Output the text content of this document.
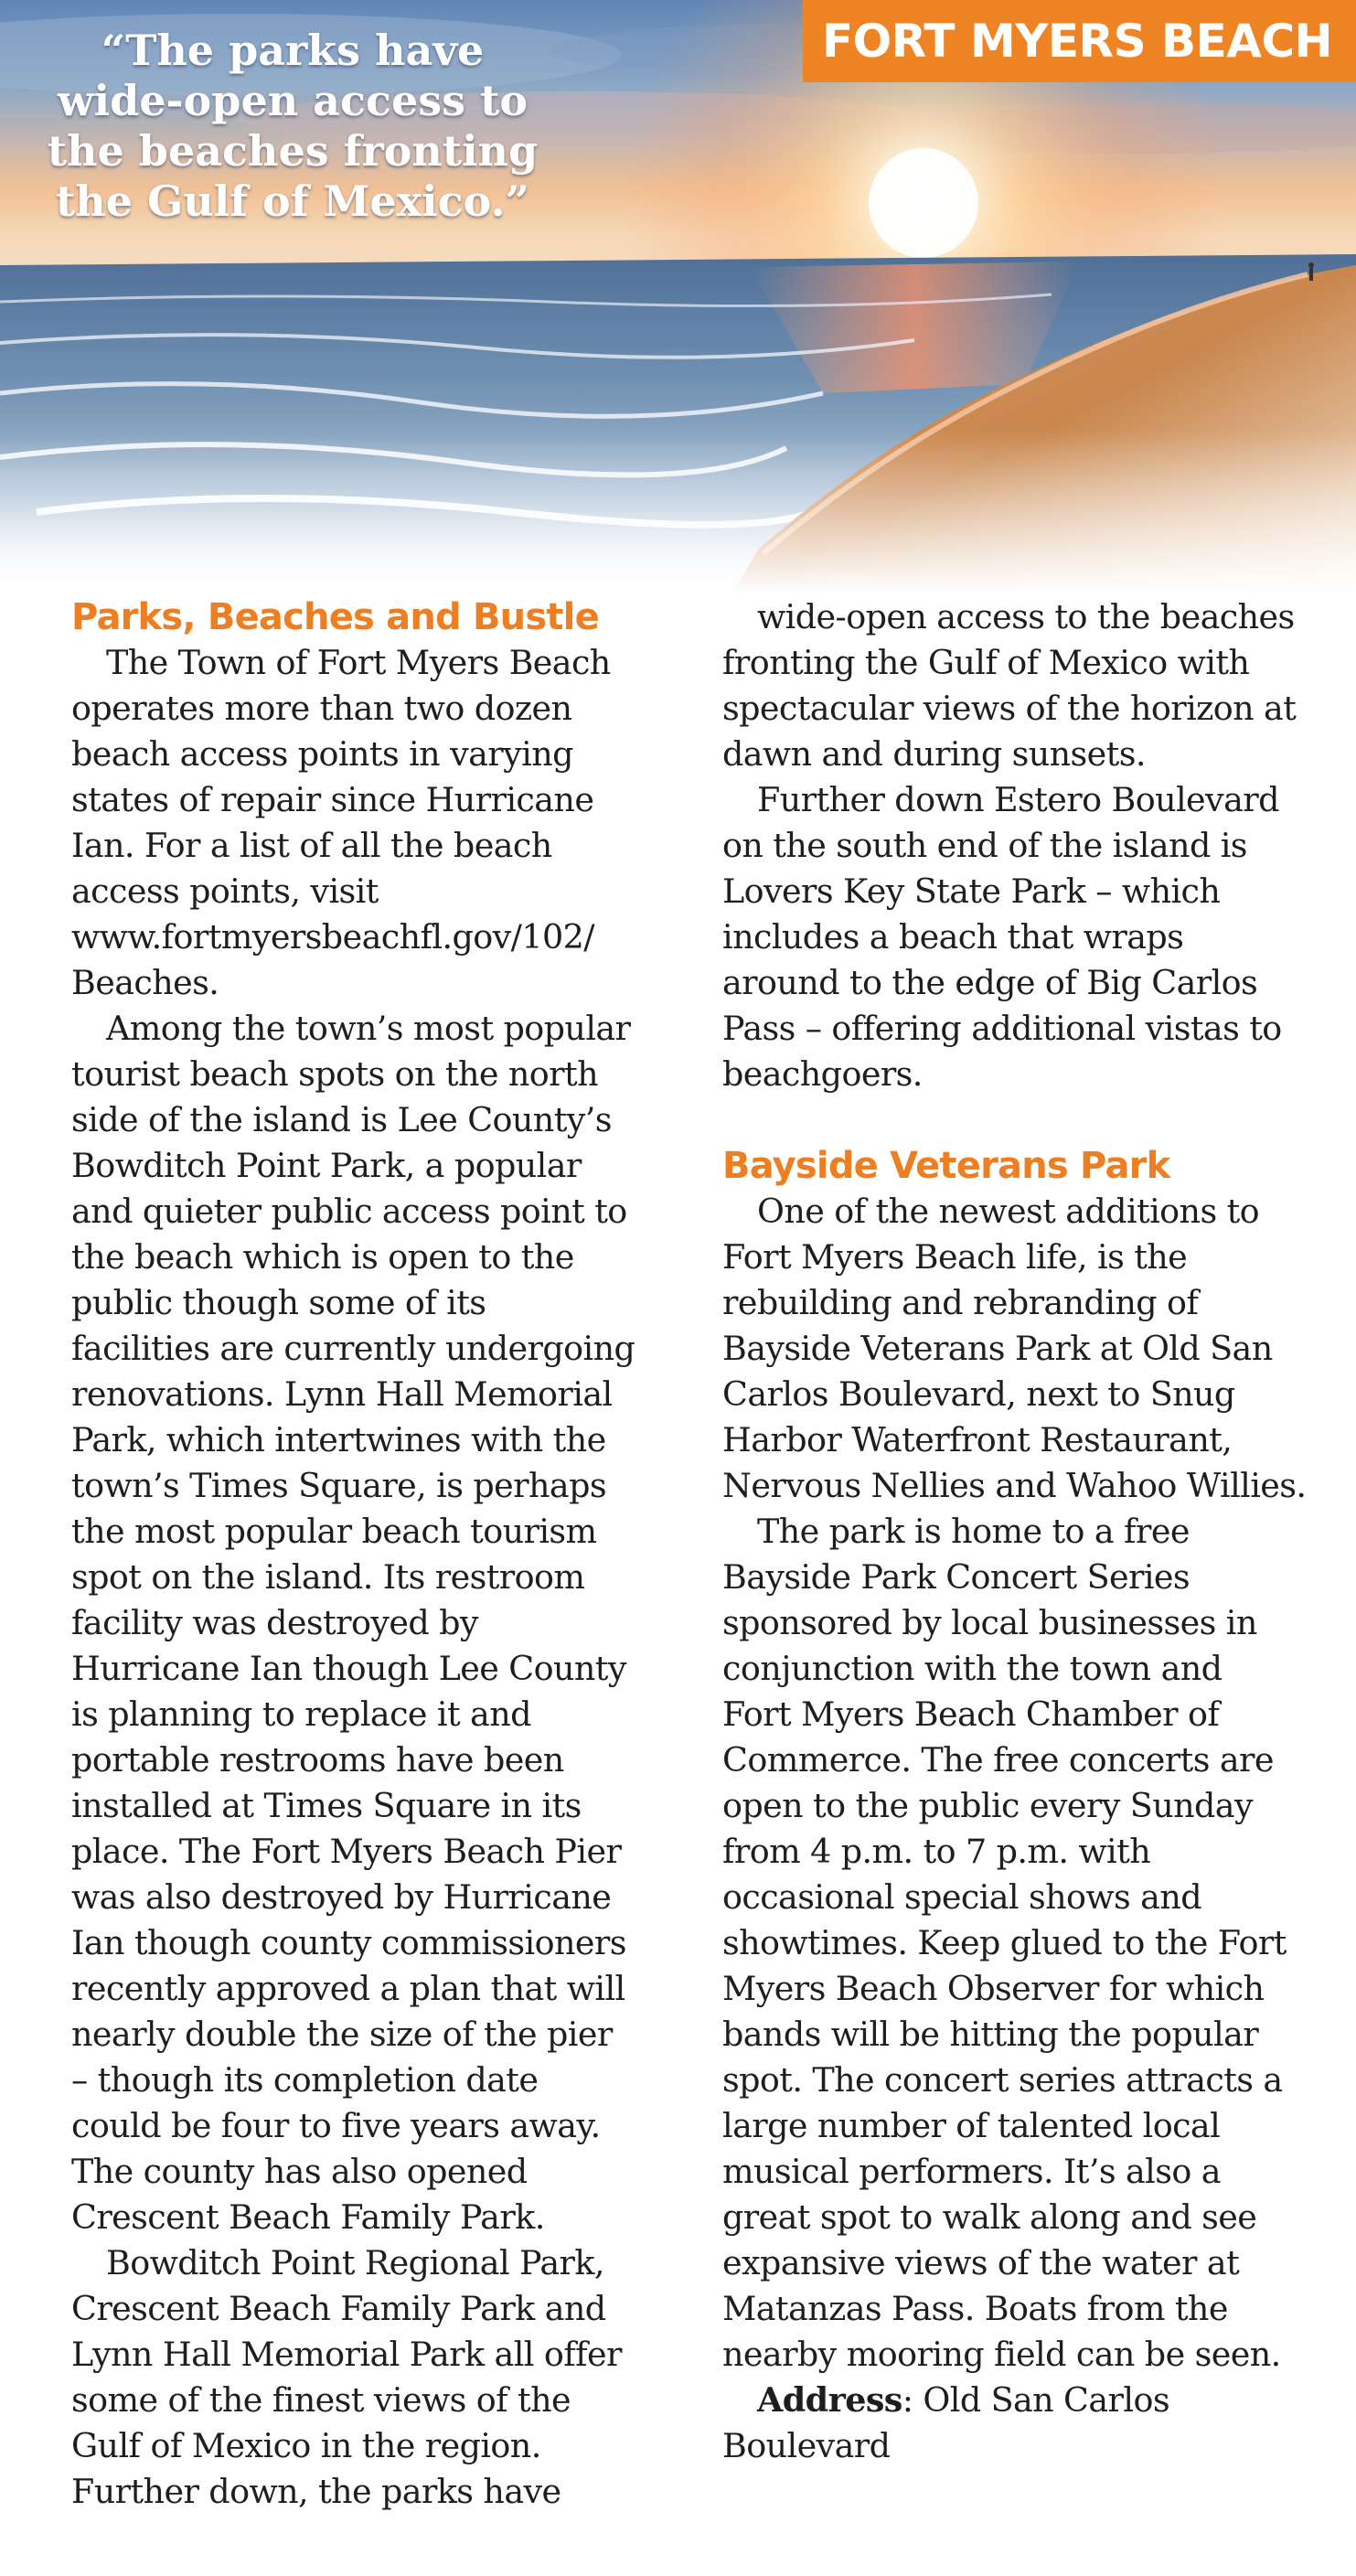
“The parks have
wide-open access to
the beaches fronting
the Gulf of Mexico.”

FORT MYERS BEACH

Parks, Beaches and Bustle

The Town of Fort Myers Beach
operates more than two dozen
beach access points in varying
states of repair since Hurricane
Ian. For a list of all the beach
access points, visit
www.fortmyersbeachfl.gov/102/
Beaches.

Among the town’s most popular
tourist beach spots on the north
side of the island is Lee County’s
Bowditch Point Park, a popular
and quieter public access point to
the beach which is open to the
public though some of its
facilities are currently undergoing
renovations. Lynn Hall Memorial
Park, which intertwines with the
town’s Times Square, is perhaps
the most popular beach tourism
spot on the island. Its restroom
facility was destroyed by
Hurricane Ian though Lee County
is planning to replace it and
portable restrooms have been
installed at Times Square in its
place. The Fort Myers Beach Pier
was also destroyed by Hurricane
Ian though county commissioners
recently approved a plan that will
nearly double the size of the pier
– though its completion date
could be four to five years away.
The county has also opened
Crescent Beach Family Park.

Bowditch Point Regional Park,
Crescent Beach Family Park and
Lynn Hall Memorial Park all offer
some of the finest views of the
Gulf of Mexico in the region.
Further down, the parks have

wide-open access to the beaches
fronting the Gulf of Mexico with
spectacular views of the horizon at
dawn and during sunsets.

Further down Estero Boulevard
on the south end of the island is
Lovers Key State Park – which
includes a beach that wraps
around to the edge of Big Carlos
Pass – offering additional vistas to
beachgoers.

Bayside Veterans Park

One of the newest additions to
Fort Myers Beach life, is the
rebuilding and rebranding of
Bayside Veterans Park at Old San
Carlos Boulevard, next to Snug
Harbor Waterfront Restaurant,
Nervous Nellies and Wahoo Willies.

The park is home to a free
Bayside Park Concert Series
sponsored by local businesses in
conjunction with the town and
Fort Myers Beach Chamber of
Commerce. The free concerts are
open to the public every Sunday
from 4 p.m. to 7 p.m. with
occasional special shows and
showtimes. Keep glued to the Fort
Myers Beach Observer for which
bands will be hitting the popular
spot. The concert series attracts a
large number of talented local
musical performers. It’s also a
great spot to walk along and see
expansive views of the water at
Matanzas Pass. Boats from the
nearby mooring field can be seen.

Address: Old San Carlos
Boulevard
